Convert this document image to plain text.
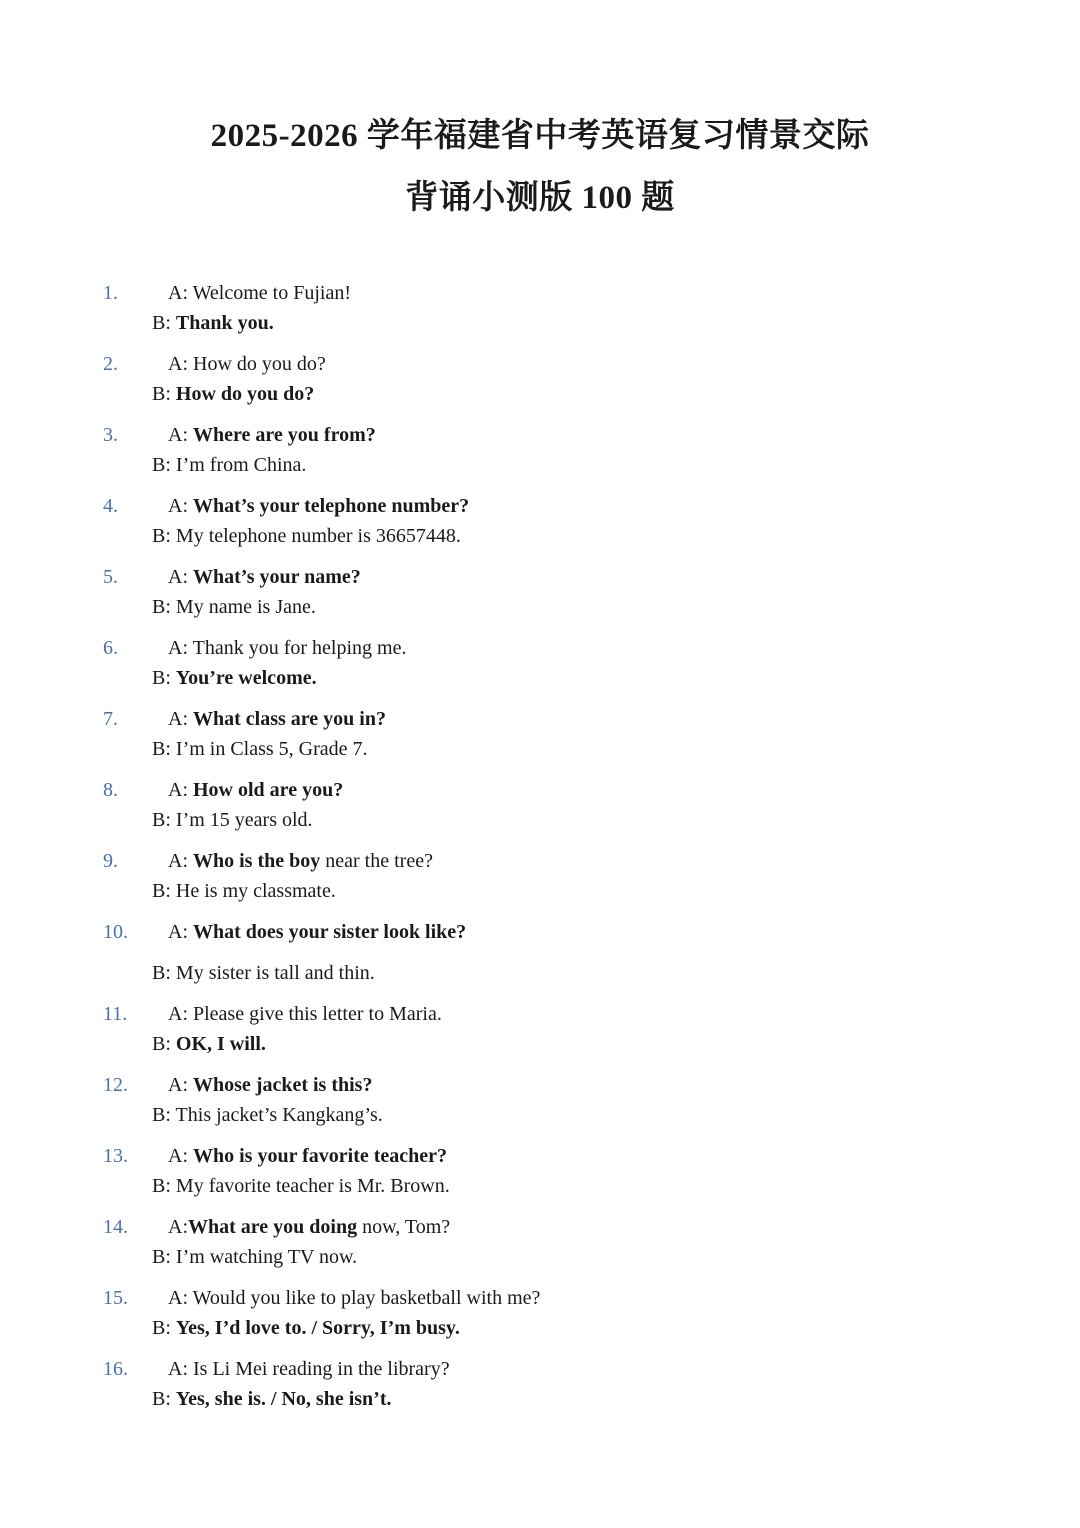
2025-2026 学年福建省中考英语复习情景交际
背诵小测版 100 题
1.	A: Welcome to Fujian!
B: Thank you.
2.	A: How do you do?
B: How do you do?
3.	A: Where are you from?
B: I’m from China.
4.	A: What’s your telephone number?
B: My telephone number is 36657448.
5.	A: What’s your name?
B: My name is Jane.
6.	A: Thank you for helping me.
B: You’re welcome.
7.	A: What class are you in?
B: I’m in Class 5, Grade 7.
8.	A: How old are you?
B: I’m 15 years old.
9.	A: Who is the boy near the tree?
B: He is my classmate.
10. A: What does your sister look like?
B: My sister is tall and thin.
11. A: Please give this letter to Maria.
B: OK, I will.
12. A: Whose jacket is this?
B: This jacket’s Kangkang’s.
13. A: Who is your favorite teacher?
B: My favorite teacher is Mr. Brown.
14. A:What are you doing now, Tom?
B: I’m watching TV now.
15. A: Would you like to play basketball with me?
B: Yes, I’d love to. / Sorry, I’m busy.
16. A: Is Li Mei reading in the library?
B: Yes, she is. / No, she isn’t.
